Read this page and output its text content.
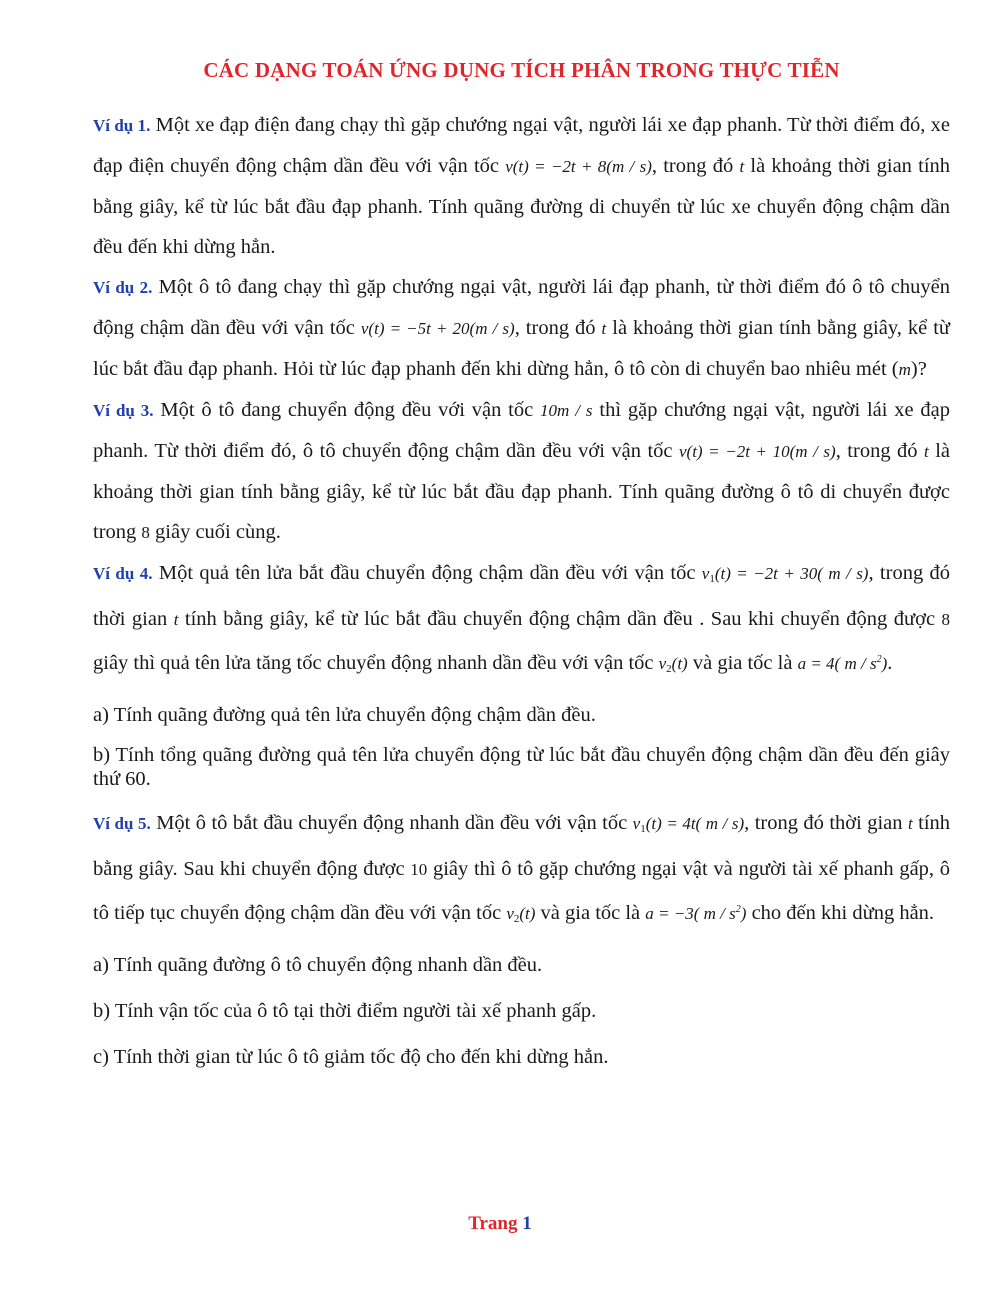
CÁC DẠNG TOÁN ỨNG DỤNG TÍCH PHÂN TRONG THỰC TIỄN

Ví dụ 1. Một xe đạp điện đang chạy thì gặp chướng ngại vật, người lái xe đạp phanh. Từ thời điểm đó, xe đạp điện chuyển động chậm dần đều với vận tốc v(t) = −2t + 8(m / s), trong đó t là khoảng thời gian tính bằng giây, kể từ lúc bắt đầu đạp phanh. Tính quãng đường di chuyển từ lúc xe chuyển động chậm dần đều đến khi dừng hẳn.

Ví dụ 2. Một ô tô đang chạy thì gặp chướng ngại vật, người lái đạp phanh, từ thời điểm đó ô tô chuyển động chậm dần đều với vận tốc v(t) = −5t + 20(m / s), trong đó t là khoảng thời gian tính bằng giây, kể từ lúc bắt đầu đạp phanh. Hỏi từ lúc đạp phanh đến khi dừng hẳn, ô tô còn di chuyển bao nhiêu mét (m)?

Ví dụ 3. Một ô tô đang chuyển động đều với vận tốc 10m / s thì gặp chướng ngại vật, người lái xe đạp phanh. Từ thời điểm đó, ô tô chuyển động chậm dần đều với vận tốc v(t) = −2t + 10(m / s), trong đó t là khoảng thời gian tính bằng giây, kể từ lúc bắt đầu đạp phanh. Tính quãng đường ô tô di chuyển được trong 8 giây cuối cùng.

Ví dụ 4. Một quả tên lửa bắt đầu chuyển động chậm dần đều với vận tốc $v_1(t) = -2t + 30$( m / s), trong đó thời gian t tính bằng giây, kể từ lúc bắt đầu chuyển động chậm dần đều . Sau khi chuyển động được 8 giây thì quả tên lửa tăng tốc chuyển động nhanh dần đều với vận tốc $v_2(t)$ và gia tốc là a = 4( m / $s^2$).

a) Tính quãng đường quả tên lửa chuyển động chậm dần đều.

b) Tính tổng quãng đường quả tên lửa chuyển động từ lúc bắt đầu chuyển động chậm dần đều đến giây thứ 60.

Ví dụ 5. Một ô tô bắt đầu chuyển động nhanh dần đều với vận tốc $v_1(t) = 4t$( m / s), trong đó thời gian t tính bằng giây. Sau khi chuyển động được 10 giây thì ô tô gặp chướng ngại vật và người tài xế phanh gấp, ô tô tiếp tục chuyển động chậm dần đều với vận tốc $v_2(t)$ và gia tốc là a = −3( m / $s^2$) cho đến khi dừng hẳn.

a) Tính quãng đường ô tô chuyển động nhanh dần đều.

b) Tính vận tốc của ô tô tại thời điểm người tài xế phanh gấp.

c) Tính thời gian từ lúc ô tô giảm tốc độ cho đến khi dừng hẳn.

Trang 1
